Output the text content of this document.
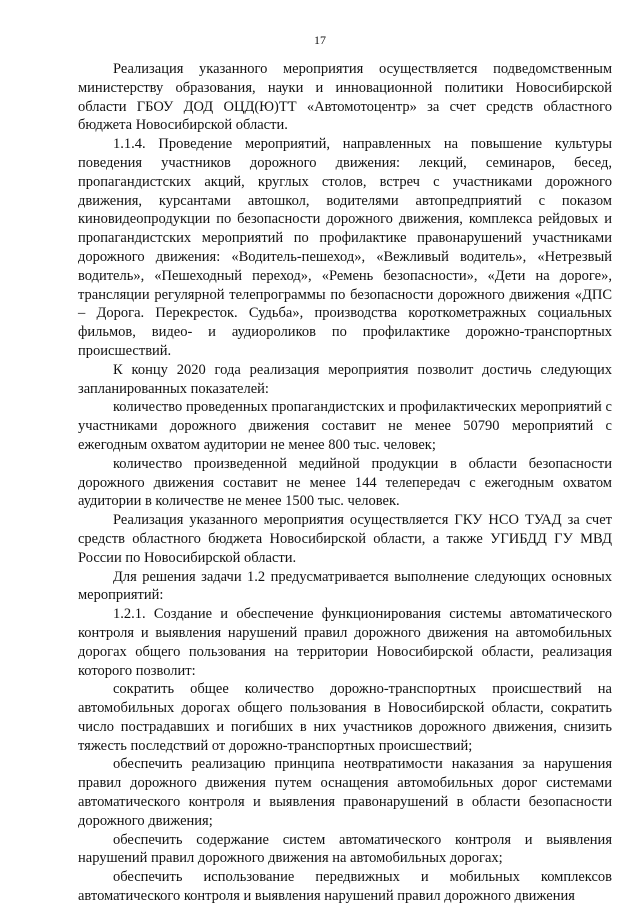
17

Реализация указанного мероприятия осуществляется подведомственным министерству образования, науки и инновационной политики Новосибирской области ГБОУ ДОД ОЦД(Ю)ТТ «Автомотоцентр» за счет средств областного бюджета Новосибирской области.

1.1.4. Проведение мероприятий, направленных на повышение культуры поведения участников дорожного движения: лекций, семинаров, бесед, пропагандистских акций, круглых столов, встреч с участниками дорожного движения, курсантами автошкол, водителями автопредприятий с показом киновидеопродукции по безопасности дорожного движения, комплекса рейдовых и пропагандистских мероприятий по профилактике правонарушений участниками дорожного движения: «Водитель-пешеход», «Вежливый водитель», «Нетрезвый водитель», «Пешеходный переход», «Ремень безопасности», «Дети на дороге», трансляции регулярной телепрограммы по безопасности дорожного движения «ДПС – Дорога. Перекресток. Судьба», производства короткометражных социальных фильмов, видео- и аудиороликов по профилактике дорожно-транспортных происшествий.

К концу 2020 года реализация мероприятия позволит достичь следующих запланированных показателей:

количество проведенных пропагандистских и профилактических мероприятий с участниками дорожного движения составит не менее 50790 мероприятий с ежегодным охватом аудитории не менее 800 тыс. человек;

количество произведенной медийной продукции в области безопасности дорожного движения составит не менее 144 телепередач с ежегодным охватом аудитории в количестве не менее 1500 тыс. человек.

Реализация указанного мероприятия осуществляется ГКУ НСО ТУАД за счет средств областного бюджета Новосибирской области, а также УГИБДД ГУ МВД России по Новосибирской области.

Для решения задачи 1.2 предусматривается выполнение следующих основных мероприятий:

1.2.1. Создание и обеспечение функционирования системы автоматического контроля и выявления нарушений правил дорожного движения на автомобильных дорогах общего пользования на территории Новосибирской области, реализация которого позволит:

сократить общее количество дорожно-транспортных происшествий на автомобильных дорогах общего пользования в Новосибирской области, сократить число пострадавших и погибших в них участников дорожного движения, снизить тяжесть последствий от дорожно-транспортных происшествий;

обеспечить реализацию принципа неотвратимости наказания за нарушения правил дорожного движения путем оснащения автомобильных дорог системами автоматического контроля и выявления правонарушений в области безопасности дорожного движения;

обеспечить содержание систем автоматического контроля и выявления нарушений правил дорожного движения на автомобильных дорогах;

обеспечить использование передвижных и мобильных комплексов автоматического контроля и выявления нарушений правил дорожного движения
